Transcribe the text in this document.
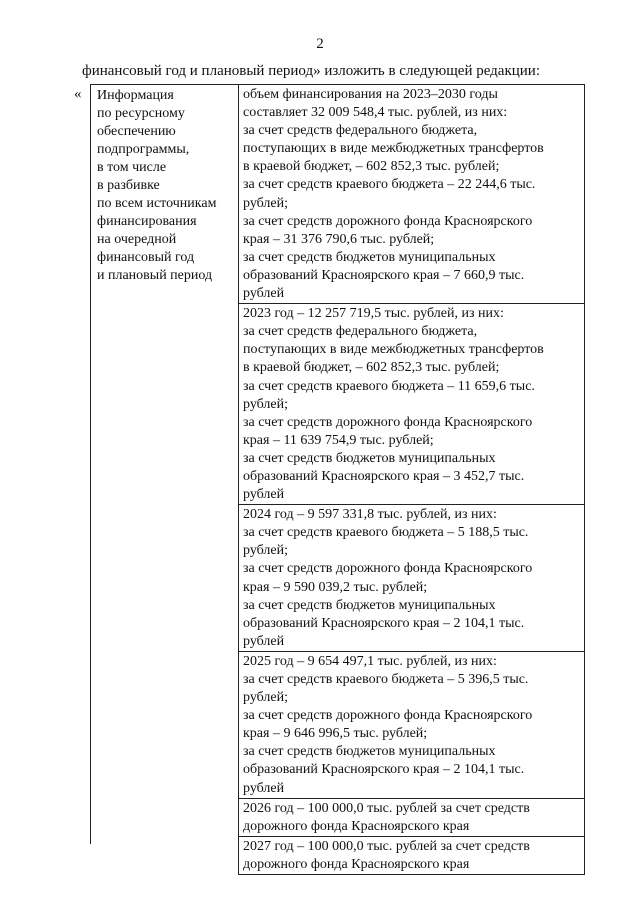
2
финансовый год и плановый период» изложить в следующей редакции:
« Информация
по ресурсному
обеспечению
подпрограммы,
в том числе
в разбивке
по всем источникам
финансирования
на очередной
финансовый год
и плановый период
объем финансирования на 2023–2030 годы
составляет 32 009 548,4 тыс. рублей, из них:
за счет средств федерального бюджета,
поступающих в виде межбюджетных трансфертов
в краевой бюджет, – 602 852,3 тыс. рублей;
за счет средств краевого бюджета – 22 244,6 тыс.
рублей;
за счет средств дорожного фонда Красноярского
края – 31 376 790,6 тыс. рублей;
за счет средств бюджетов муниципальных
образований Красноярского края – 7 660,9 тыс.
рублей
2023 год – 12 257 719,5 тыс. рублей, из них:
за счет средств федерального бюджета,
поступающих в виде межбюджетных трансфертов
в краевой бюджет, – 602 852,3 тыс. рублей;
за счет средств краевого бюджета – 11 659,6 тыс.
рублей;
за счет средств дорожного фонда Красноярского
края – 11 639 754,9 тыс. рублей;
за счет средств бюджетов муниципальных
образований Красноярского края – 3 452,7 тыс.
рублей
2024 год – 9 597 331,8 тыс. рублей, из них:
за счет средств краевого бюджета – 5 188,5 тыс.
рублей;
за счет средств дорожного фонда Красноярского
края – 9 590 039,2 тыс. рублей;
за счет средств бюджетов муниципальных
образований Красноярского края – 2 104,1 тыс.
рублей
2025 год – 9 654 497,1 тыс. рублей, из них:
за счет средств краевого бюджета – 5 396,5 тыс.
рублей;
за счет средств дорожного фонда Красноярского
края – 9 646 996,5 тыс. рублей;
за счет средств бюджетов муниципальных
образований Красноярского края – 2 104,1 тыс.
рублей
2026 год – 100 000,0 тыс. рублей за счет средств
дорожного фонда Красноярского края
2027 год – 100 000,0 тыс. рублей за счет средств
дорожного фонда Красноярского края
